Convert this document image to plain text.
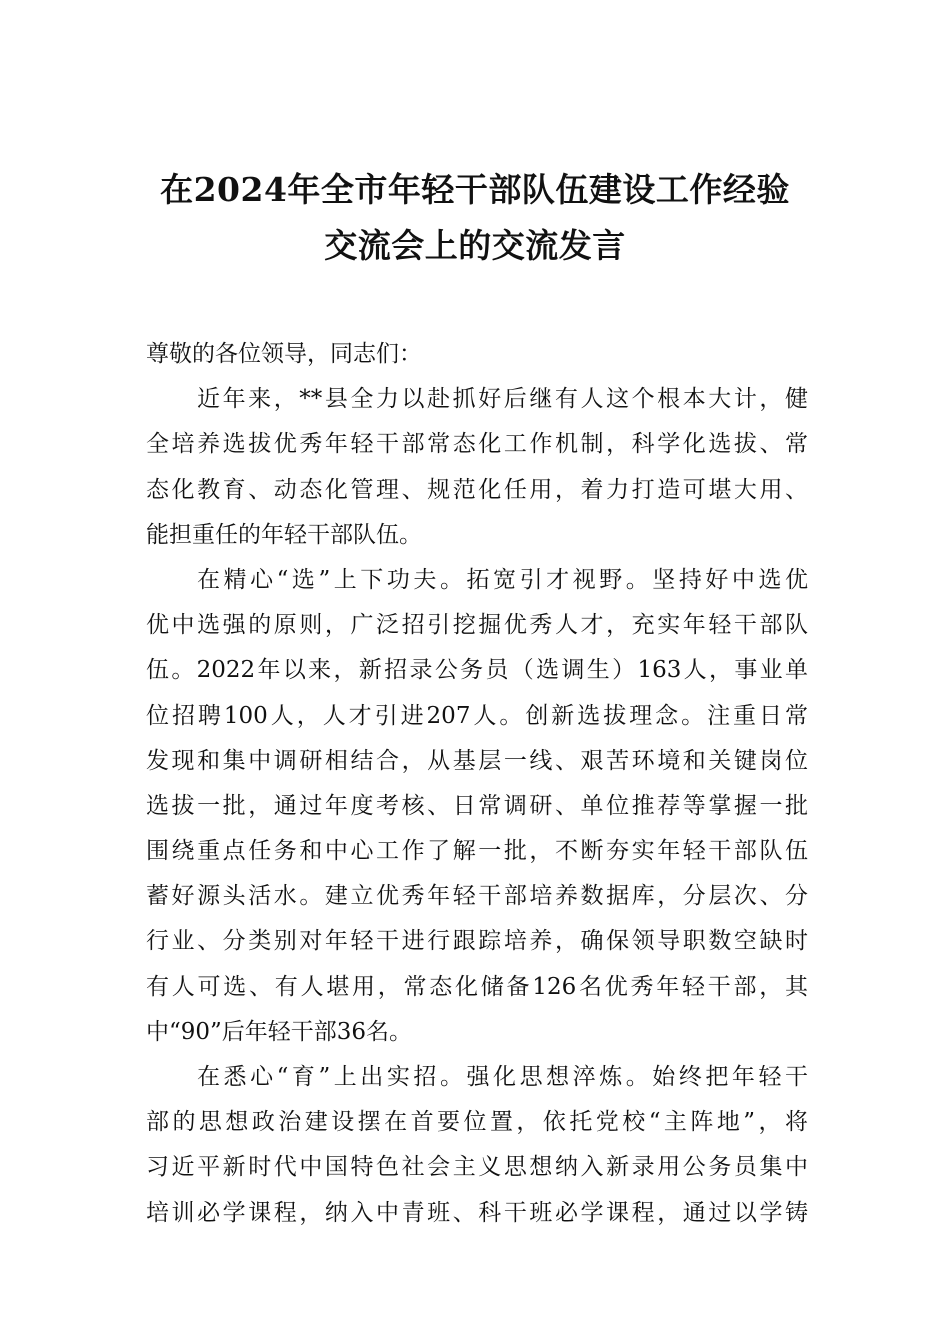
在2024年全市年轻干部队伍建设工作经验
交流会上的交流发言
尊敬的各位领导，同志们：
近年来，**县全力以赴抓好后继有人这个根本大计，健
全培养选拔优秀年轻干部常态化工作机制，科学化选拔、常
态化教育、动态化管理、规范化任用，着力打造可堪大用、
能担重任的年轻干部队伍。
在精心“选”上下功夫。拓宽引才视野。坚持好中选优
优中选强的原则，广泛招引挖掘优秀人才，充实年轻干部队
伍。2022年以来，新招录公务员（选调生）163人，事业单
位招聘100人，人才引进207人。创新选拔理念。注重日常
发现和集中调研相结合，从基层一线、艰苦环境和关键岗位
选拔一批，通过年度考核、日常调研、单位推荐等掌握一批
围绕重点任务和中心工作了解一批，不断夯实年轻干部队伍
蓄好源头活水。建立优秀年轻干部培养数据库，分层次、分
行业、分类别对年轻干进行跟踪培养，确保领导职数空缺时
有人可选、有人堪用，常态化储备126名优秀年轻干部，其
中“90”后年轻干部36名。
在悉心“育”上出实招。强化思想淬炼。始终把年轻干
部的思想政治建设摆在首要位置，依托党校“主阵地”，将
习近平新时代中国特色社会主义思想纳入新录用公务员集中
培训必学课程，纳入中青班、科干班必学课程，通过以学铸
